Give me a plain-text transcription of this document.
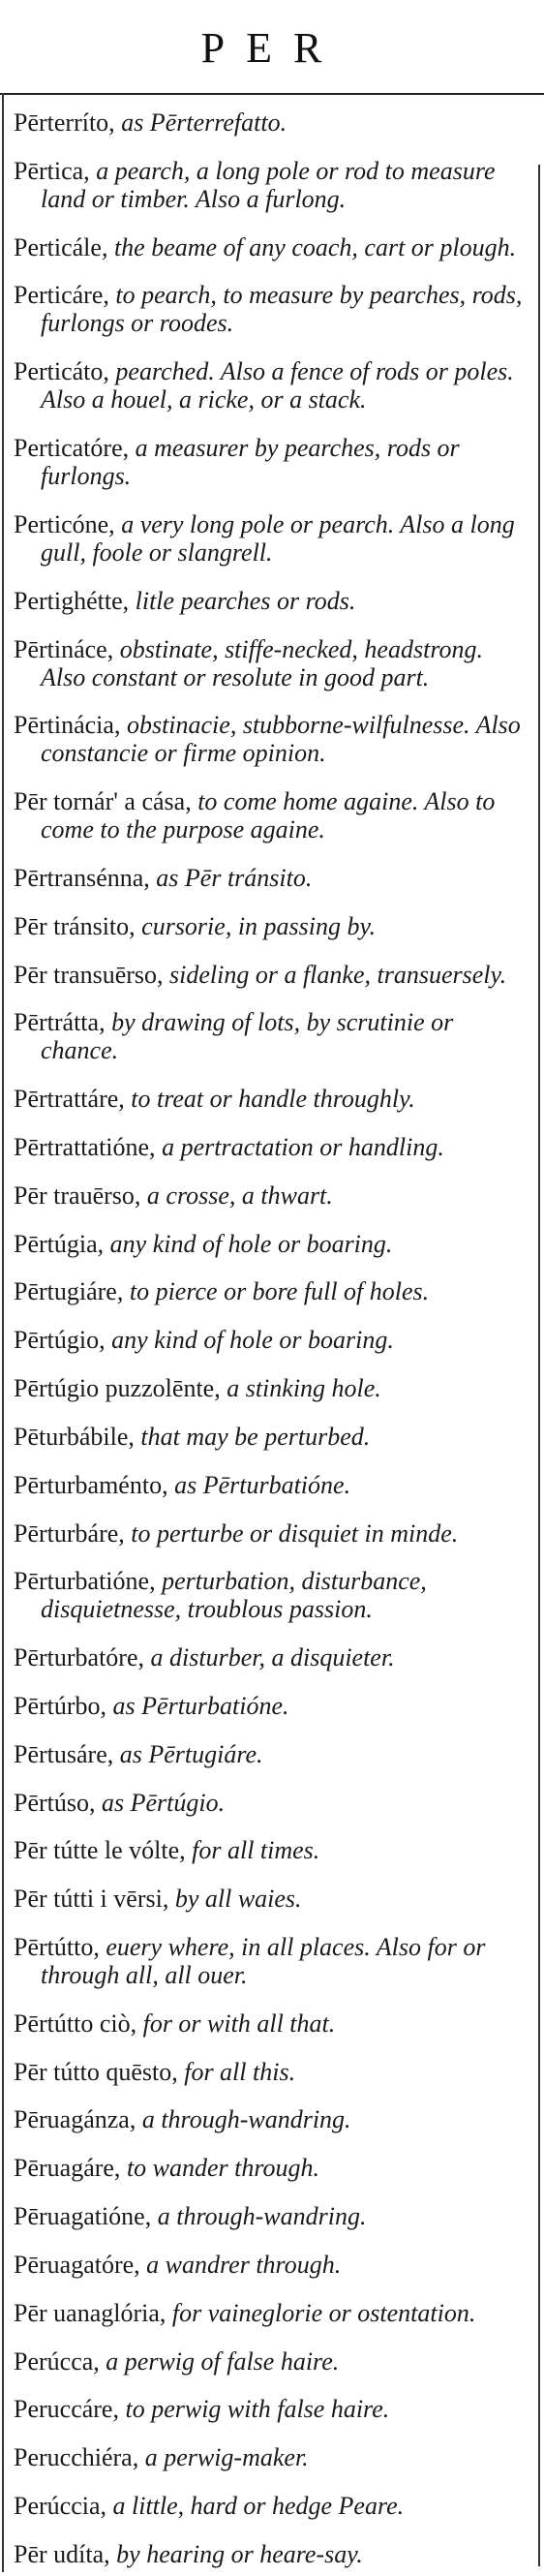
PER

Pērterríto, as Pērterrefatto.

Pērtica, a pearch, a long pole or rod to measure land or timber. Also a furlong.

Perticále, the beame of any coach, cart or plough.

Perticáre, to pearch, to measure by pearches, rods, furlongs or roodes.

Perticáto, pearched. Also a fence of rods or poles. Also a houel, a ricke, or a stack.

Perticatóre, a measurer by pearches, rods or furlongs.

Perticóne, a very long pole or pearch. Also a long gull, foole or slangrell.

Pertighétte, litle pearches or rods.

Pērtináce, obstinate, stiffe-necked, headstrong. Also constant or resolute in good part.

Pērtinácia, obstinacie, stubborne-wilfulnesse. Also constancie or firme opinion.

Pēr tornár' a cása, to come home againe. Also to come to the purpose againe.

Pērtransénna, as Pēr tránsito.

Pēr tránsito, cursorie, in passing by.

Pēr transuērso, sideling or a flanke, transuersely.

Pērtrátta, by drawing of lots, by scrutinie or chance.

Pērtrattáre, to treat or handle throughly.

Pērtrattatióne, a pertractation or handling.

Pēr trauērso, a crosse, a thwart.

Pērtúgia, any kind of hole or boaring.

Pērtugiáre, to pierce or bore full of holes.

Pērtúgio, any kind of hole or boaring.

Pērtúgio puzzolēnte, a stinking hole.

Pēturbábile, that may be perturbed.

Pērturbaménto, as Pērturbatióne.

Pērturbáre, to perturbe or disquiet in minde.

Pērturbatióne, perturbation, disturbance, disquietnesse, troublous passion.

Pērturbatóre, a disturber, a disquieter.

Pērtúrbo, as Pērturbatióne.

Pērtusáre, as Pērtugiáre.

Pērtúso, as Pērtúgio.

Pēr tútte le vólte, for all times.

Pēr tútti i vērsi, by all waies.

Pērtútto, euery where, in all places. Also for or through all, all ouer.

Pērtútto ciò, for or with all that.

Pēr tútto quēsto, for all this.

Pēruagánza, a through-wandring.

Pēruagáre, to wander through.

Pēruagatióne, a through-wandring.

Pēruagatóre, a wandrer through.

Pēr uanaglória, for vaineglorie or ostentation.

Perúcca, a perwig of false haire.

Peruccáre, to perwig with false haire.

Perucchiéra, a perwig-maker.

Perúccia, a little, hard or hedge Peare.

Pēr udíta, by hearing or heare-say.
